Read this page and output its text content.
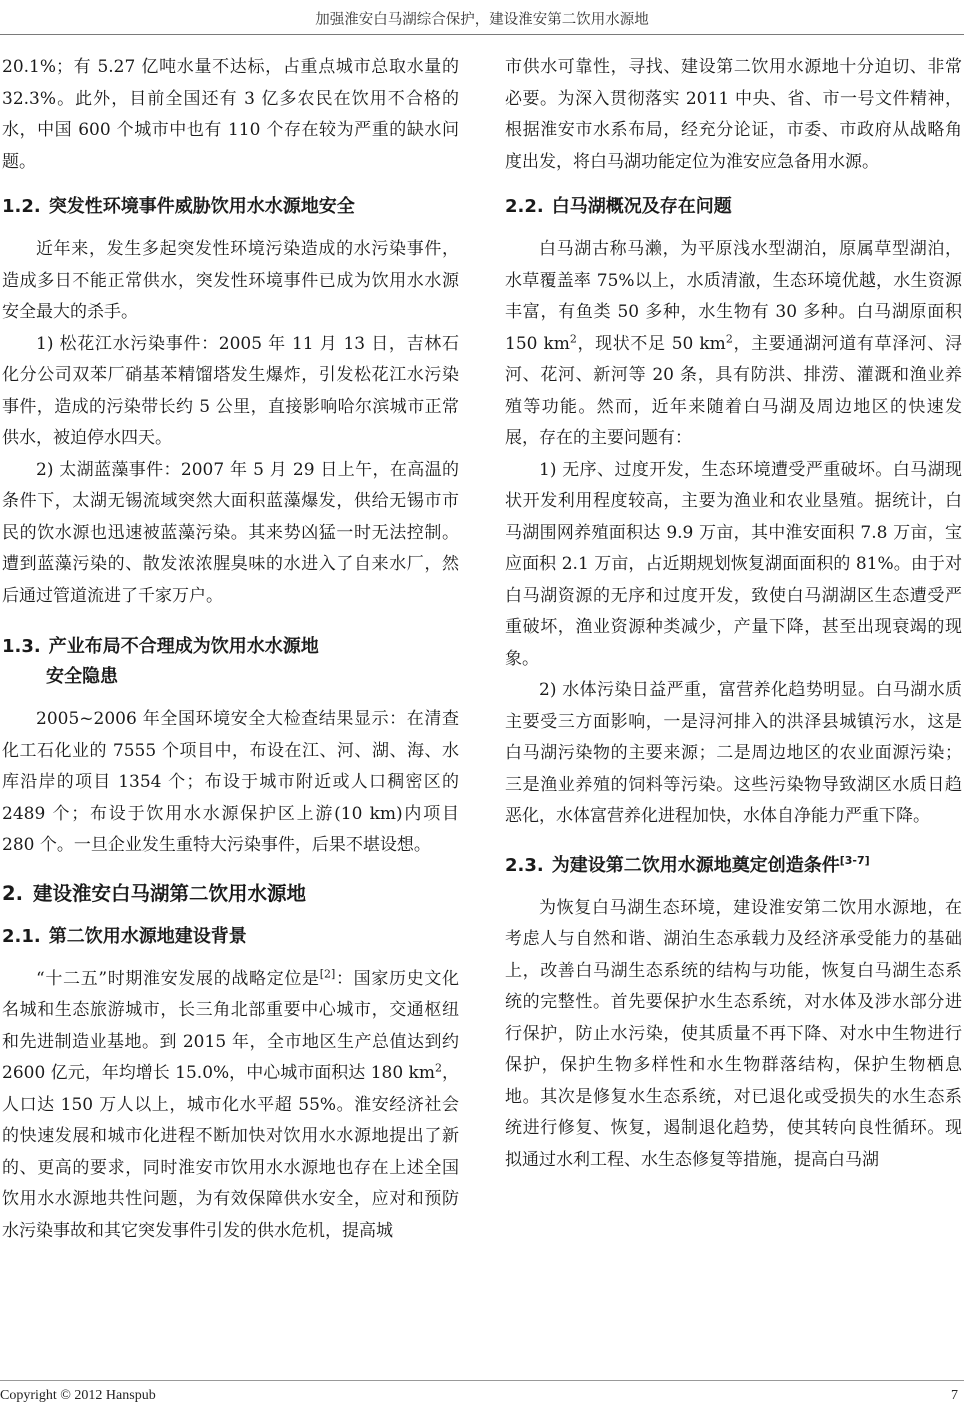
加强淮安白马湖综合保护，建设淮安第二饮用水源地

20.1%；有 5.27 亿吨水量不达标，占重点城市总取水量的 32.3%。此外，目前全国还有 3 亿多农民在饮用不合格的水，中国 600 个城市中也有 110 个存在较为严重的缺水问题。

1.2. 突发性环境事件威胁饮用水水源地安全

近年来，发生多起突发性环境污染造成的水污染事件，造成多日不能正常供水，突发性环境事件已成为饮用水水源安全最大的杀手。

1) 松花江水污染事件：2005 年 11 月 13 日，吉林石化分公司双苯厂硝基苯精馏塔发生爆炸，引发松花江水污染事件，造成的污染带长约 5 公里，直接影响哈尔滨城市正常供水，被迫停水四天。

2) 太湖蓝藻事件：2007 年 5 月 29 日上午，在高温的条件下，太湖无锡流域突然大面积蓝藻爆发，供给无锡市市民的饮水源也迅速被蓝藻污染。其来势凶猛一时无法控制。遭到蓝藻污染的、散发浓浓腥臭味的水进入了自来水厂，然后通过管道流进了千家万户。

1.3. 产业布局不合理成为饮用水水源地
安全隐患

2005~2006 年全国环境安全大检查结果显示：在清查化工石化业的 7555 个项目中，布设在江、河、湖、海、水库沿岸的项目 1354 个；布设于城市附近或人口稠密区的 2489 个；布设于饮用水水源保护区上游(10 km)内项目 280 个。一旦企业发生重特大污染事件，后果不堪设想。

2. 建设淮安白马湖第二饮用水源地
2.1. 第二饮用水源地建设背景

“十二五”时期淮安发展的战略定位是[2]：国家历史文化名城和生态旅游城市，长三角北部重要中心城市，交通枢纽和先进制造业基地。到 2015 年，全市地区生产总值达到约 2600 亿元，年均增长 15.0%，中心城市面积达 180 $km^2$，人口达 150 万人以上，城市化水平超 55%。淮安经济社会的快速发展和城市化进程不断加快对饮用水水源地提出了新的、更高的要求，同时淮安市饮用水水源地也存在上述全国饮用水水源地共性问题，为有效保障供水安全，应对和预防水污染事故和其它突发事件引发的供水危机，提高城

市供水可靠性，寻找、建设第二饮用水源地十分迫切、非常必要。为深入贯彻落实 2011 中央、省、市一号文件精神，根据淮安市水系布局，经充分论证，市委、市政府从战略角度出发，将白马湖功能定位为淮安应急备用水源。

2.2. 白马湖概况及存在问题

白马湖古称马濑，为平原浅水型湖泊，原属草型湖泊，水草覆盖率 75%以上，水质清澈，生态环境优越，水生资源丰富，有鱼类 50 多种，水生物有 30 多种。白马湖原面积 150 $km^2$，现状不足 50 $km^2$，主要通湖河道有草泽河、浔河、花河、新河等 20 条，具有防洪、排涝、灌溉和渔业养殖等功能。然而，近年来随着白马湖及周边地区的快速发展，存在的主要问题有：

1) 无序、过度开发，生态环境遭受严重破坏。白马湖现状开发利用程度较高，主要为渔业和农业垦殖。据统计，白马湖围网养殖面积达 9.9 万亩，其中淮安面积 7.8 万亩，宝应面积 2.1 万亩，占近期规划恢复湖面面积的 81%。由于对白马湖资源的无序和过度开发，致使白马湖湖区生态遭受严重破坏，渔业资源种类减少，产量下降，甚至出现衰竭的现象。

2) 水体污染日益严重，富营养化趋势明显。白马湖水质主要受三方面影响，一是浔河排入的洪泽县城镇污水，这是白马湖污染物的主要来源；二是周边地区的农业面源污染；三是渔业养殖的饲料等污染。这些污染物导致湖区水质日趋恶化，水体富营养化进程加快，水体自净能力严重下降。

2.3. 为建设第二饮用水源地奠定创造条件[3-7]

为恢复白马湖生态环境，建设淮安第二饮用水源地，在考虑人与自然和谐、湖泊生态承载力及经济承受能力的基础上，改善白马湖生态系统的结构与功能，恢复白马湖生态系统的完整性。首先要保护水生态系统，对水体及涉水部分进行保护，防止水污染，使其质量不再下降、对水中生物进行保护，保护生物多样性和水生物群落结构，保护生物栖息地。其次是修复水生态系统，对已退化或受损失的水生态系统进行修复、恢复，遏制退化趋势，使其转向良性循环。现拟通过水利工程、水生态修复等措施，提高白马湖

Copyright © 2012 Hanspub	7
